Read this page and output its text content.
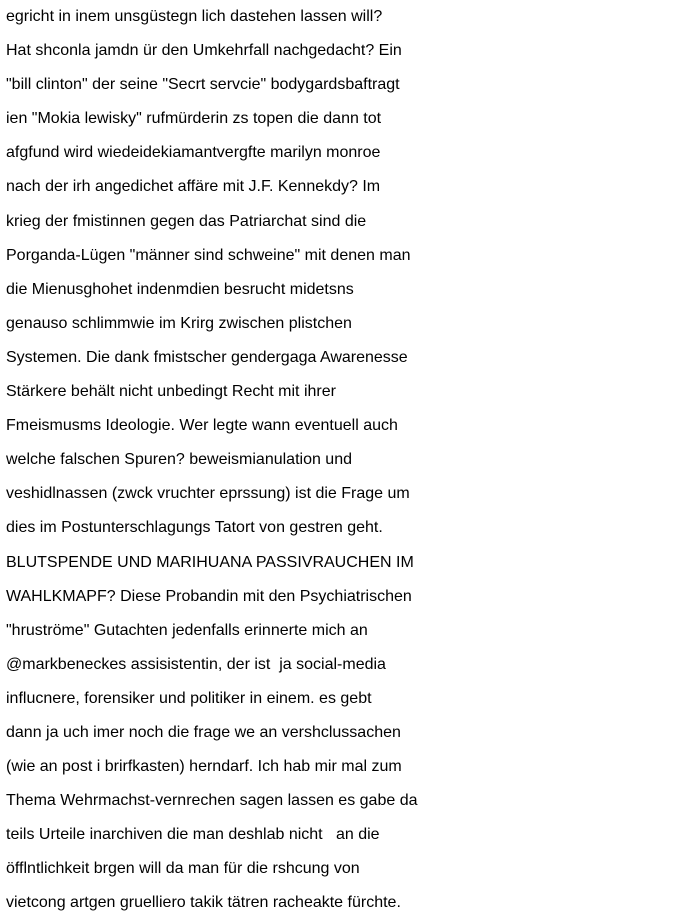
egricht in inem unsgüstegn lich dastehen lassen will?
Hat shconla jamdn ür den Umkehrfall nachgedacht? Ein
"bill clinton" der seine "Secrt servcie" bodygardsbaftragt
ien "Mokia lewisky" rufmürderin zs topen die dann tot
afgfund wird wiedeidekiamantvergfte marilyn monroe
nach der irh angedichet affäre mit J.F. Kennekdy? Im
krieg der fmistinnen gegen das Patriarchat sind die
Porganda-Lügen "männer sind schweine" mit denen man
die Mienusghohet indenmdien besrucht midetsns
genauso schlimmwie im Krirg zwischen plistchen
Systemen. Die dank fmistscher gendergaga Awarenesse
Stärkere behält nicht unbedingt Recht mit ihrer
Fmeismusms Ideologie. Wer legte wann eventuell auch
welche falschen Spuren? beweismianulation und
veshidlnassen (zwck vruchter eprssung) ist die Frage um
dies im Postunterschlagungs Tatort von gestren geht.
BLUTSPENDE UND MARIHUANA PASSIVRAUCHEN IM
WAHLKMAPF? Diese Probandin mit den Psychiatrischen
"hruströme" Gutachten jedenfalls erinnerte mich an
@markbeneckes assisistentin, der ist  ja social-media
influcnere, forensiker und politiker in einem. es gebt
dann ja uch imer noch die frage we an vershclussachen
(wie an post i brirfkasten) herndarf. Ich hab mir mal zum
Thema Wehrmachst-vernrechen sagen lassen es gabe da
teils Urteile inarchiven die man deshlab nicht   an die
öfflntlichkeit brgen will da man für die rshcung von
vietcong artgen gruelliero takik tätren racheakte fürchte.
